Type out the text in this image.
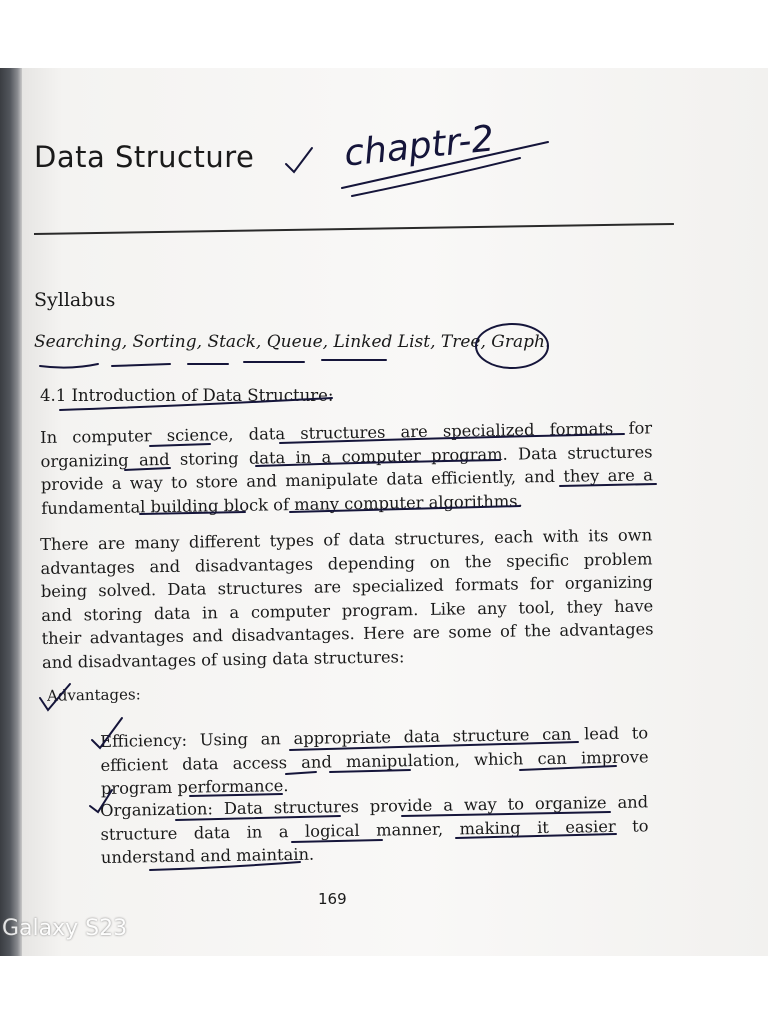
Data Structure chaptr-2
Syllabus
Searching, Sorting, Stack, Queue, Linked List, Tree, Graph.
4.1 Introduction of Data Structure:
In computer science, data structures are specialized formats for
organizing and storing data in a computer program. Data structures
provide a way to store and manipulate data efficiently, and they are a
fundamental building block of many computer algorithms.
There are many different types of data structures, each with its own
advantages and disadvantages depending on the specific problem
being solved. Data structures are specialized formats for organizing
and storing data in a computer program. Like any tool, they have
their advantages and disadvantages. Here are some of the advantages
and disadvantages of using data structures:
Advantages:
Efficiency: Using an appropriate data structure can lead to
efficient data access and manipulation, which can improve
program performance.
Organization: Data structures provide a way to organize and
structure data in a logical manner, making it easier to
understand and maintain.
169
Galaxy S23
